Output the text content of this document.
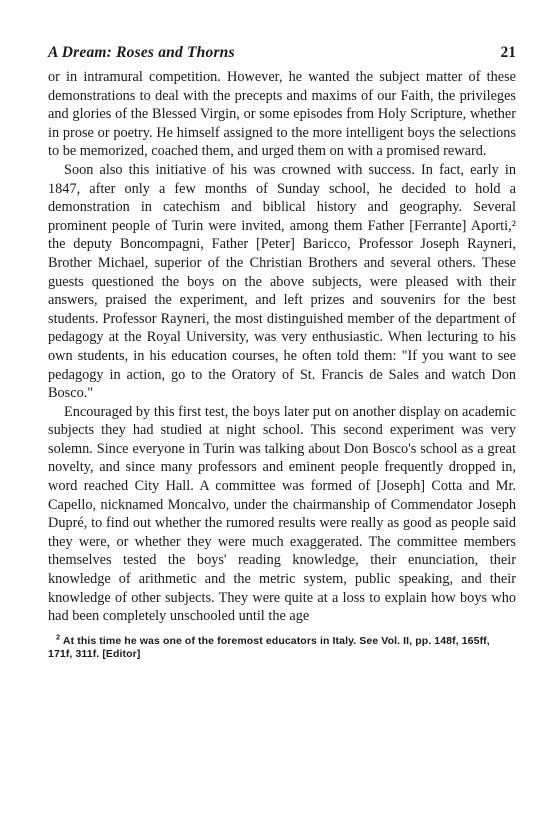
A Dream: Roses and Thorns	21

or in intramural competition. However, he wanted the subject matter of these demonstrations to deal with the precepts and maxims of our Faith, the privileges and glories of the Blessed Virgin, or some episodes from Holy Scripture, whether in prose or poetry. He himself assigned to the more intelligent boys the selections to be memorized, coached them, and urged them on with a promised reward.

Soon also this initiative of his was crowned with success. In fact, early in 1847, after only a few months of Sunday school, he decided to hold a demonstration in catechism and biblical history and geography. Several prominent people of Turin were invited, among them Father [Ferrante] Aporti,² the deputy Boncompagni, Father [Peter] Baricco, Professor Joseph Rayneri, Brother Michael, superior of the Christian Brothers and several others. These guests questioned the boys on the above subjects, were pleased with their answers, praised the experiment, and left prizes and souvenirs for the best students. Professor Rayneri, the most distinguished member of the department of pedagogy at the Royal University, was very enthusiastic. When lecturing to his own students, in his education courses, he often told them: "If you want to see pedagogy in action, go to the Oratory of St. Francis de Sales and watch Don Bosco."

Encouraged by this first test, the boys later put on another display on academic subjects they had studied at night school. This second experiment was very solemn. Since everyone in Turin was talking about Don Bosco's school as a great novelty, and since many professors and eminent people frequently dropped in, word reached City Hall. A committee was formed of [Joseph] Cotta and Mr. Capello, nicknamed Moncalvo, under the chairmanship of Commendator Joseph Dupré, to find out whether the rumored results were really as good as people said they were, or whether they were much exaggerated. The committee members themselves tested the boys' reading knowledge, their enunciation, their knowledge of arithmetic and the metric system, public speaking, and their knowledge of other subjects. They were quite at a loss to explain how boys who had been completely unschooled until the age

$^2$ At this time he was one of the foremost educators in Italy. See Vol. II, pp. 148f, 165ff, 171f, 311f. [Editor]
